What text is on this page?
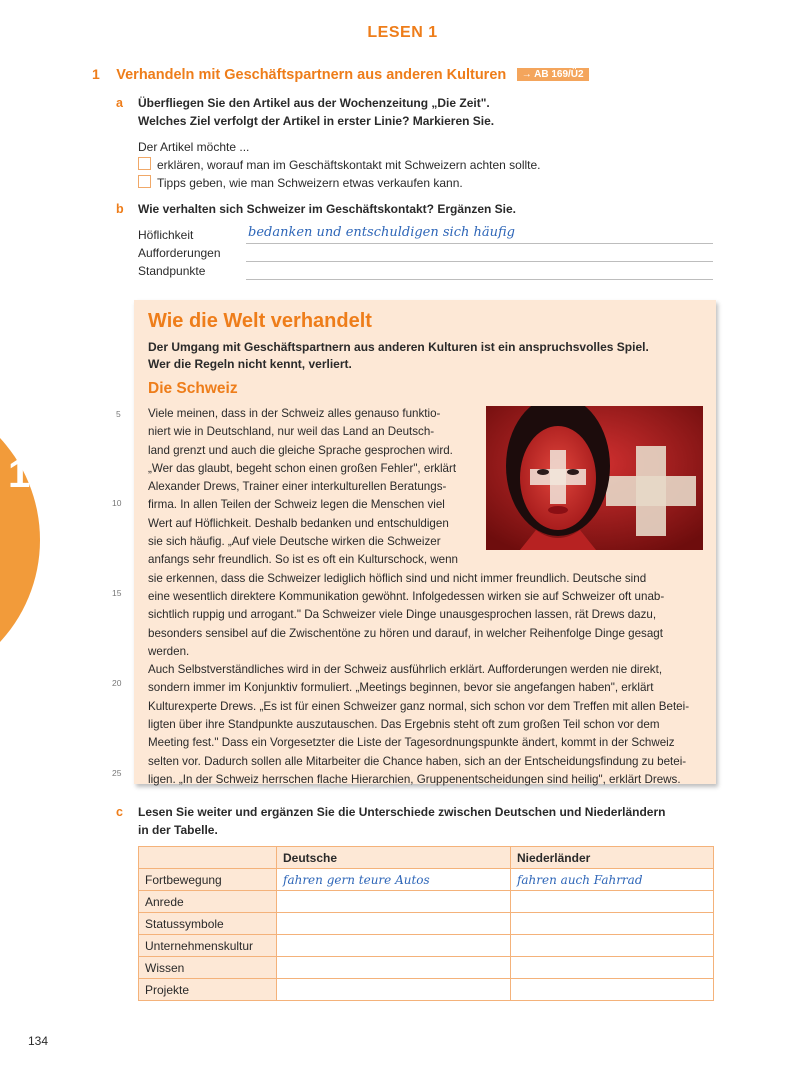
11
LESEN 1
1 Verhandeln mit Geschäftspartnern aus anderen Kulturen → AB 169/Ü2
a Überfliegen Sie den Artikel aus der Wochenzeitung „Die Zeit".
Welches Ziel verfolgt der Artikel in erster Linie? Markieren Sie.
Der Artikel möchte ...
erklären, worauf man im Geschäftskontakt mit Schweizern achten sollte.
Tipps geben, wie man Schweizern etwas verkaufen kann.
b Wie verhalten sich Schweizer im Geschäftskontakt? Ergänzen Sie.
Höflichkeit	bedanken und entschuldigen sich häufig
Aufforderungen
Standpunkte
Wie die Welt verhandelt
Der Umgang mit Geschäftspartnern aus anderen Kulturen ist ein anspruchsvolles Spiel.
Wer die Regeln nicht kennt, verliert.
Die Schweiz
5
10
15
20
25
Viele meinen, dass in der Schweiz alles genauso funktio-
niert wie in Deutschland, nur weil das Land an Deutsch-
land grenzt und auch die gleiche Sprache gesprochen wird.
„Wer das glaubt, begeht schon einen großen Fehler", erklärt
Alexander Drews, Trainer einer interkulturellen Beratungs-
firma. In allen Teilen der Schweiz legen die Menschen viel
Wert auf Höflichkeit. Deshalb bedanken und entschuldigen
sie sich häufig. „Auf viele Deutsche wirken die Schweizer
anfangs sehr freundlich. So ist es oft ein Kulturschock, wenn
sie erkennen, dass die Schweizer lediglich höflich sind und nicht immer freundlich. Deutsche sind
eine wesentlich direktere Kommunikation gewöhnt. Infolgedessen wirken sie auf Schweizer oft unab-
sichtlich ruppig und arrogant." Da Schweizer viele Dinge unausgesprochen lassen, rät Drews dazu,
besonders sensibel auf die Zwischentöne zu hören und darauf, in welcher Reihenfolge Dinge gesagt
werden.
Auch Selbstverständliches wird in der Schweiz ausführlich erklärt. Aufforderungen werden nie direkt,
sondern immer im Konjunktiv formuliert. „Meetings beginnen, bevor sie angefangen haben", erklärt
Kulturexperte Drews. „Es ist für einen Schweizer ganz normal, sich schon vor dem Treffen mit allen Betei-
ligten über ihre Standpunkte auszutauschen. Das Ergebnis steht oft zum großen Teil schon vor dem
Meeting fest." Dass ein Vorgesetzter die Liste der Tagesordnungspunkte ändert, kommt in der Schweiz
selten vor. Dadurch sollen alle Mitarbeiter die Chance haben, sich an der Entscheidungsfindung zu betei-
ligen. „In der Schweiz herrschen flache Hierarchien, Gruppenentscheidungen sind heilig", erklärt Drews.
c Lesen Sie weiter und ergänzen Sie die Unterschiede zwischen Deutschen und Niederländern
in der Tabelle.
	Deutsche	Niederländer
Fortbewegung	fahren gern teure Autos	fahren auch Fahrrad
Anrede		
Statussymbole		
Unternehmenskultur		
Wissen		
Projekte		
134
